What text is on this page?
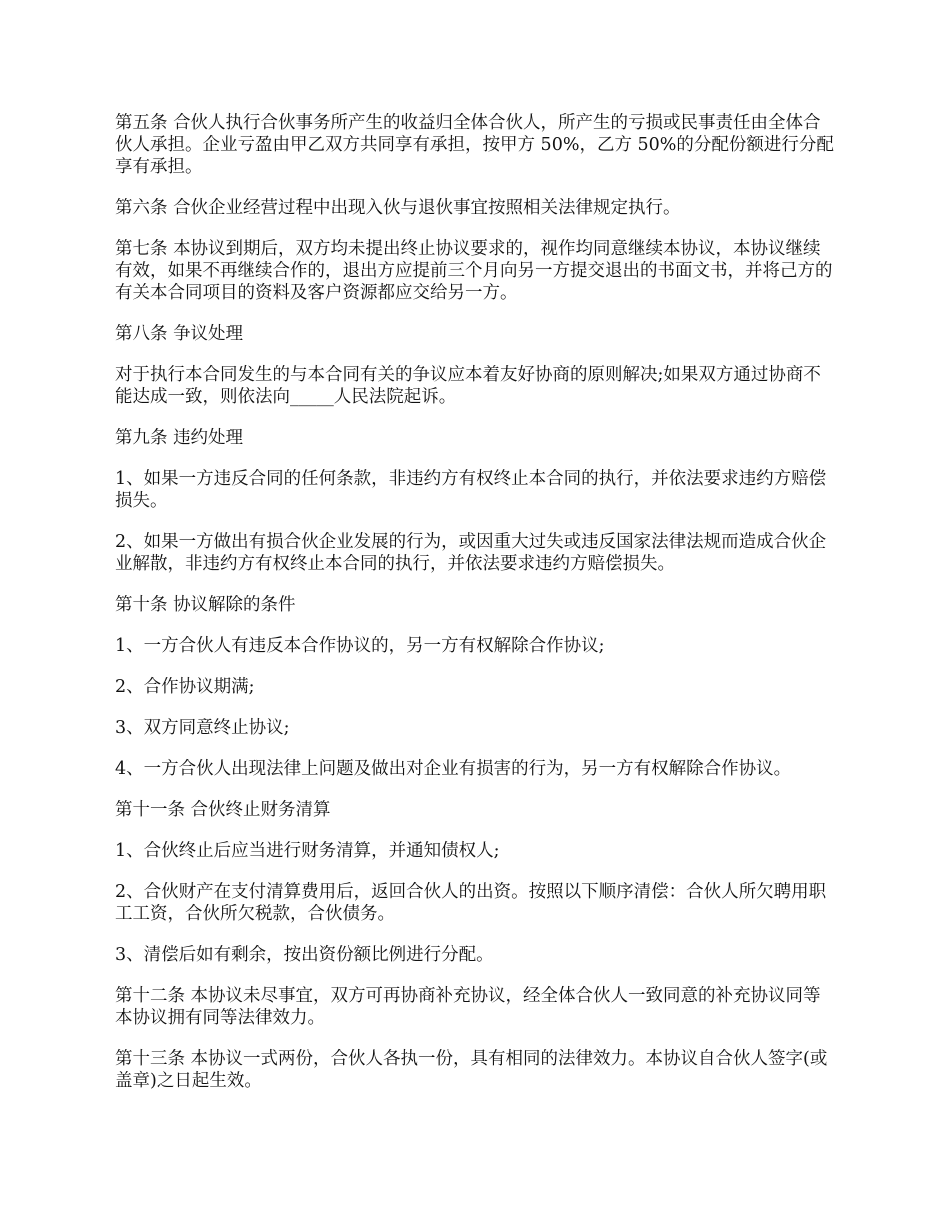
第五条 合伙人执行合伙事务所产生的收益归全体合伙人，所产生的亏损或民事责任由全体合伙人承担。企业亏盈由甲乙双方共同享有承担，按甲方 50%，乙方 50%的分配份额进行分配享有承担。

第六条 合伙企业经营过程中出现入伙与退伙事宜按照相关法律规定执行。

第七条 本协议到期后，双方均未提出终止协议要求的，视作均同意继续本协议，本协议继续有效，如果不再继续合作的，退出方应提前三个月向另一方提交退出的书面文书，并将己方的有关本合同项目的资料及客户资源都应交给另一方。

第八条 争议处理

对于执行本合同发生的与本合同有关的争议应本着友好协商的原则解决;如果双方通过协商不能达成一致，则依法向_____人民法院起诉。

第九条 违约处理

1、如果一方违反合同的任何条款，非违约方有权终止本合同的执行，并依法要求违约方赔偿损失。

2、如果一方做出有损合伙企业发展的行为，或因重大过失或违反国家法律法规而造成合伙企业解散，非违约方有权终止本合同的执行，并依法要求违约方赔偿损失。

第十条 协议解除的条件

1、一方合伙人有违反本合作协议的，另一方有权解除合作协议;

2、合作协议期满;

3、双方同意终止协议;

4、一方合伙人出现法律上问题及做出对企业有损害的行为，另一方有权解除合作协议。

第十一条 合伙终止财务清算

1、合伙终止后应当进行财务清算，并通知债权人;

2、合伙财产在支付清算费用后，返回合伙人的出资。按照以下顺序清偿：合伙人所欠聘用职工工资，合伙所欠税款，合伙债务。

3、清偿后如有剩余，按出资份额比例进行分配。

第十二条 本协议未尽事宜，双方可再协商补充协议，经全体合伙人一致同意的补充协议同等本协议拥有同等法律效力。

第十三条 本协议一式两份，合伙人各执一份，具有相同的法律效力。本协议自合伙人签字(或盖章)之日起生效。
